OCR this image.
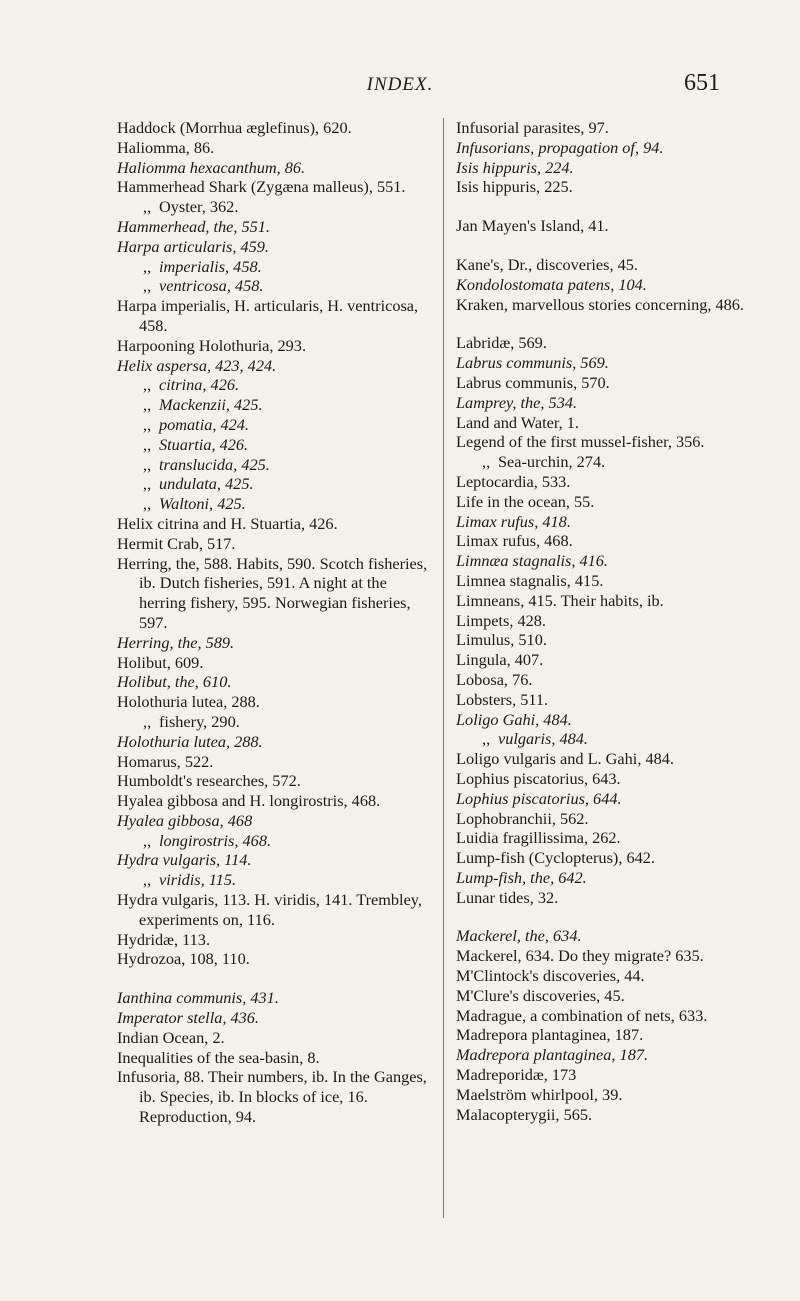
INDEX.	651
Haddock (Morrhua æglefinus), 620.
Haliomma, 86.
Haliomma hexacanthum, 86.
Hammerhead Shark (Zygæna malleus), 551.
,, Oyster, 362.
Hammerhead, the, 551.
Harpa articularis, 459.
,, imperialis, 458.
,, ventricosa, 458.
Harpa imperialis, H. articularis, H. ventricosa, 458.
Harpooning Holothuria, 293.
Helix aspersa, 423, 424.
,, citrina, 426.
,, Mackenzii, 425.
,, pomatia, 424.
,, Stuartia, 426.
,, translucida, 425.
,, undulata, 425.
,, Waltoni, 425.
Helix citrina and H. Stuartia, 426.
Hermit Crab, 517.
Herring, the, 588. Habits, 590. Scotch fisheries, ib. Dutch fisheries, 591. A night at the herring fishery, 595. Norwegian fisheries, 597.
Herring, the, 589.
Holibut, 609.
Holibut, the, 610.
Holothuria lutea, 288.
,, fishery, 290.
Holothuria lutea, 288.
Homarus, 522.
Humboldt's researches, 572.
Hyalea gibbosa and H. longirostris, 468.
Hyalea gibbosa, 468
,, longirostris, 468.
Hydra vulgaris, 114.
,, viridis, 115.
Hydra vulgaris, 113. H. viridis, 141. Trembley, experiments on, 116.
Hydridæ, 113.
Hydrozoa, 108, 110.
Ianthina communis, 431.
Imperator stella, 436.
Indian Ocean, 2.
Inequalities of the sea-basin, 8.
Infusoria, 88. Their numbers, ib. In the Ganges, ib. Species, ib. In blocks of ice, 16. Reproduction, 94.
Infusorial parasites, 97.
Infusorians, propagation of, 94.
Isis hippuris, 224.
Isis hippuris, 225.
Jan Mayen's Island, 41.
Kane's, Dr., discoveries, 45.
Kondolostomata patens, 104.
Kraken, marvellous stories concerning, 486.
Labridæ, 569.
Labrus communis, 569.
Labrus communis, 570.
Lamprey, the, 534.
Land and Water, 1.
Legend of the first mussel-fisher, 356.
,, Sea-urchin, 274.
Leptocardia, 533.
Life in the ocean, 55.
Limax rufus, 418.
Limax rufus, 468.
Limnæa stagnalis, 416.
Limnea stagnalis, 415.
Limneans, 415. Their habits, ib.
Limpets, 428.
Limulus, 510.
Lingula, 407.
Lobosa, 76.
Lobsters, 511.
Loligo Gahi, 484.
,, vulgaris, 484.
Loligo vulgaris and L. Gahi, 484.
Lophius piscatorius, 643.
Lophius piscatorius, 644.
Lophobranchii, 562.
Luidia fragillissima, 262.
Lump-fish (Cyclopterus), 642.
Lump-fish, the, 642.
Lunar tides, 32.
Mackerel, the, 634.
Mackerel, 634. Do they migrate? 635.
M'Clintock's discoveries, 44.
M'Clure's discoveries, 45.
Madrague, a combination of nets, 633.
Madrepora plantaginea, 187.
Madrepora plantaginea, 187.
Madreporidæ, 173
Maelström whirlpool, 39.
Malacopterygii, 565.
